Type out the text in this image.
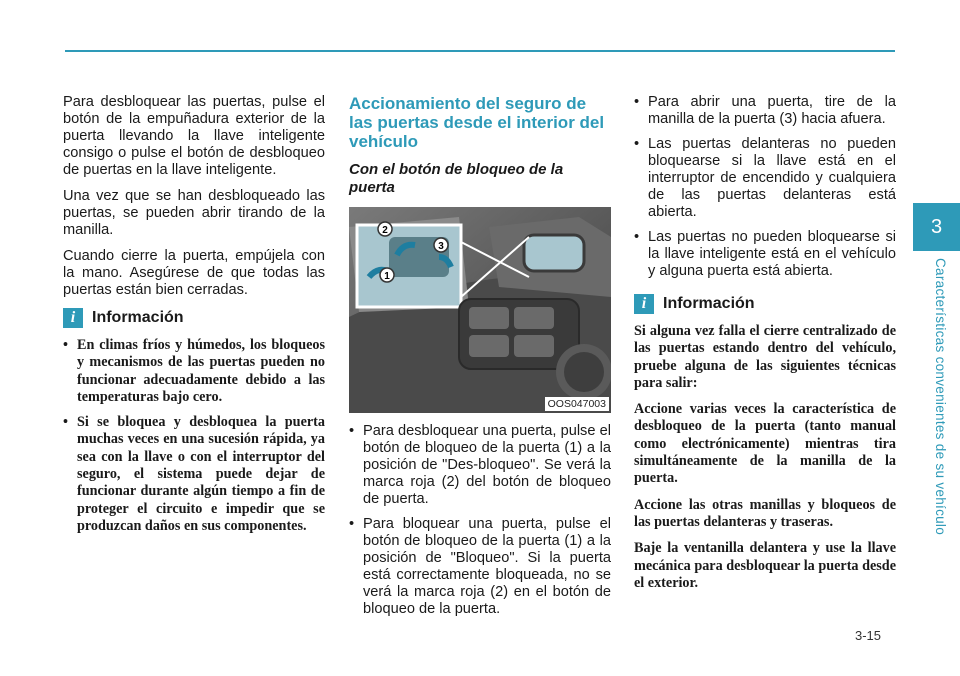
Para desbloquear las puertas, pulse el botón de la empuñadura exterior de la puerta llevando la llave inteligente consigo o pulse el botón de desbloqueo de puertas en la llave inteligente.

Una vez que se han desbloqueado las puertas, se pueden abrir tirando de la manilla.

Cuando cierre la puerta, empújela con la mano. Asegúrese de que todas las puertas están bien cerradas.

i	Información
• En climas fríos y húmedos, los bloqueos y mecanismos de las puertas pueden no funcionar adecuadamente debido a las temperaturas bajo cero.
• Si se bloquea y desbloquea la puerta muchas veces en una sucesión rápida, ya sea con la llave o con el interruptor del seguro, el sistema puede dejar de funcionar durante algún tiempo a fin de proteger el circuito e impedir que se produzcan daños en sus componentes.
Accionamiento del seguro de las puertas desde el interior del vehículo
Con el botón de bloqueo de la puerta
1
2
3
OOS047003
• Para desbloquear una puerta, pulse el botón de bloqueo de la puerta (1) a la posición de "Des-bloqueo". Se verá la marca roja (2) del botón de bloqueo de puerta.
• Para bloquear una puerta, pulse el botón de bloqueo de la puerta (1) a la posición de "Bloqueo". Si la puerta está correctamente bloqueada, no se verá la marca roja (2) en el botón de bloqueo de la puerta.
• Para abrir una puerta, tire de la manilla de la puerta (3) hacia afuera.
• Las puertas delanteras no pueden bloquearse si la llave está en el interruptor de encendido y cualquiera de las puertas delanteras está abierta.
• Las puertas no pueden bloquearse si la llave inteligente está en el vehículo y alguna puerta está abierta.
i	Información

Si alguna vez falla el cierre centralizado de las puertas estando dentro del vehículo, pruebe alguna de las siguientes técnicas para salir:

Accione varias veces la característica de desbloqueo de la puerta (tanto manual como electrónicamente) mientras tira simultáneamente de la manilla de la puerta.

Accione las otras manillas y bloqueos de las puertas delanteras y traseras.

Baje la ventanilla delantera y use la llave mecánica para desbloquear la puerta desde el exterior.

3
Características convenientes de su vehículo
3-15
